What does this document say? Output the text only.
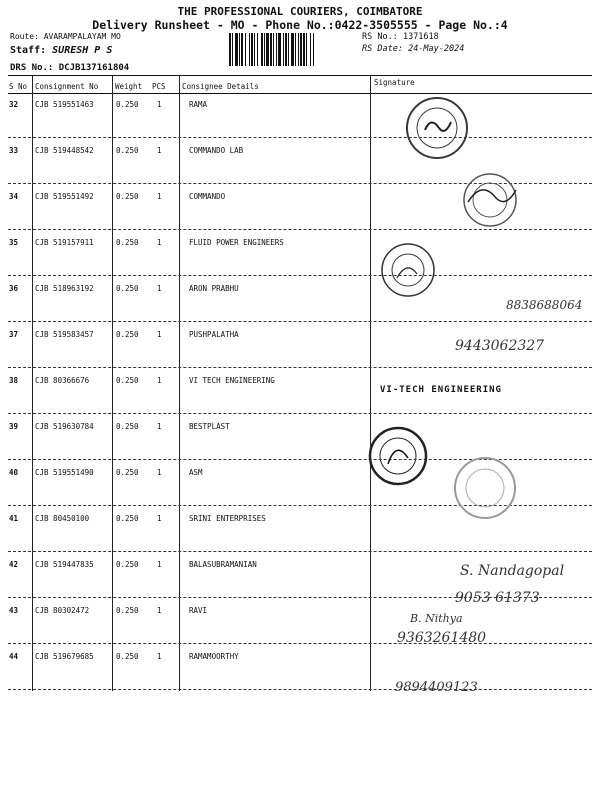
THE PROFESSIONAL COURIERS, COIMBATORE
Delivery Runsheet - MO - Phone No.:0422-3505555 - Page No.:4
Route: AVARAMPALAYAM MO
Staff: SURESH P S
DRS No.: DCJB137161804
RS No.: 1371618
RS Date: 24-May-2024
S No Consignment No Weight PCS Consignee Details	Signature
32 CJB 519551463	0.250 1	RAMA
33 CJB 519448542	0.250 1	COMMANDO LAB
34 CJB 519551492	0.250 1	COMMANDO
35 CJB 519157911	0.250 1	FLUID POWER ENGINEERS
36 CJB 518963192	0.250 1	ARON PRABHU
37 CJB 519583457	0.250 1	PUSHPALATHA
38 CJB 80366676	0.250 1	VI TECH ENGINEERING
39 CJB 519630784	0.250 1	BESTPLAST
40 CJB 519551490	0.250 1	ASM
41 CJB 80450100	0.250 1	SRINI ENTERPRISES
42 CJB 519447835	0.250 1	BALASUBRAMANIAN
43 CJB 80302472	0.250 1	RAVI
44 CJB 519679685	0.250 1	RAMAMOORTHY
8838688064
9443062327
VI-TECH ENGINEERING
S. Nandagopal
9053 61373
B. Nithya
9363261480
9894409123
